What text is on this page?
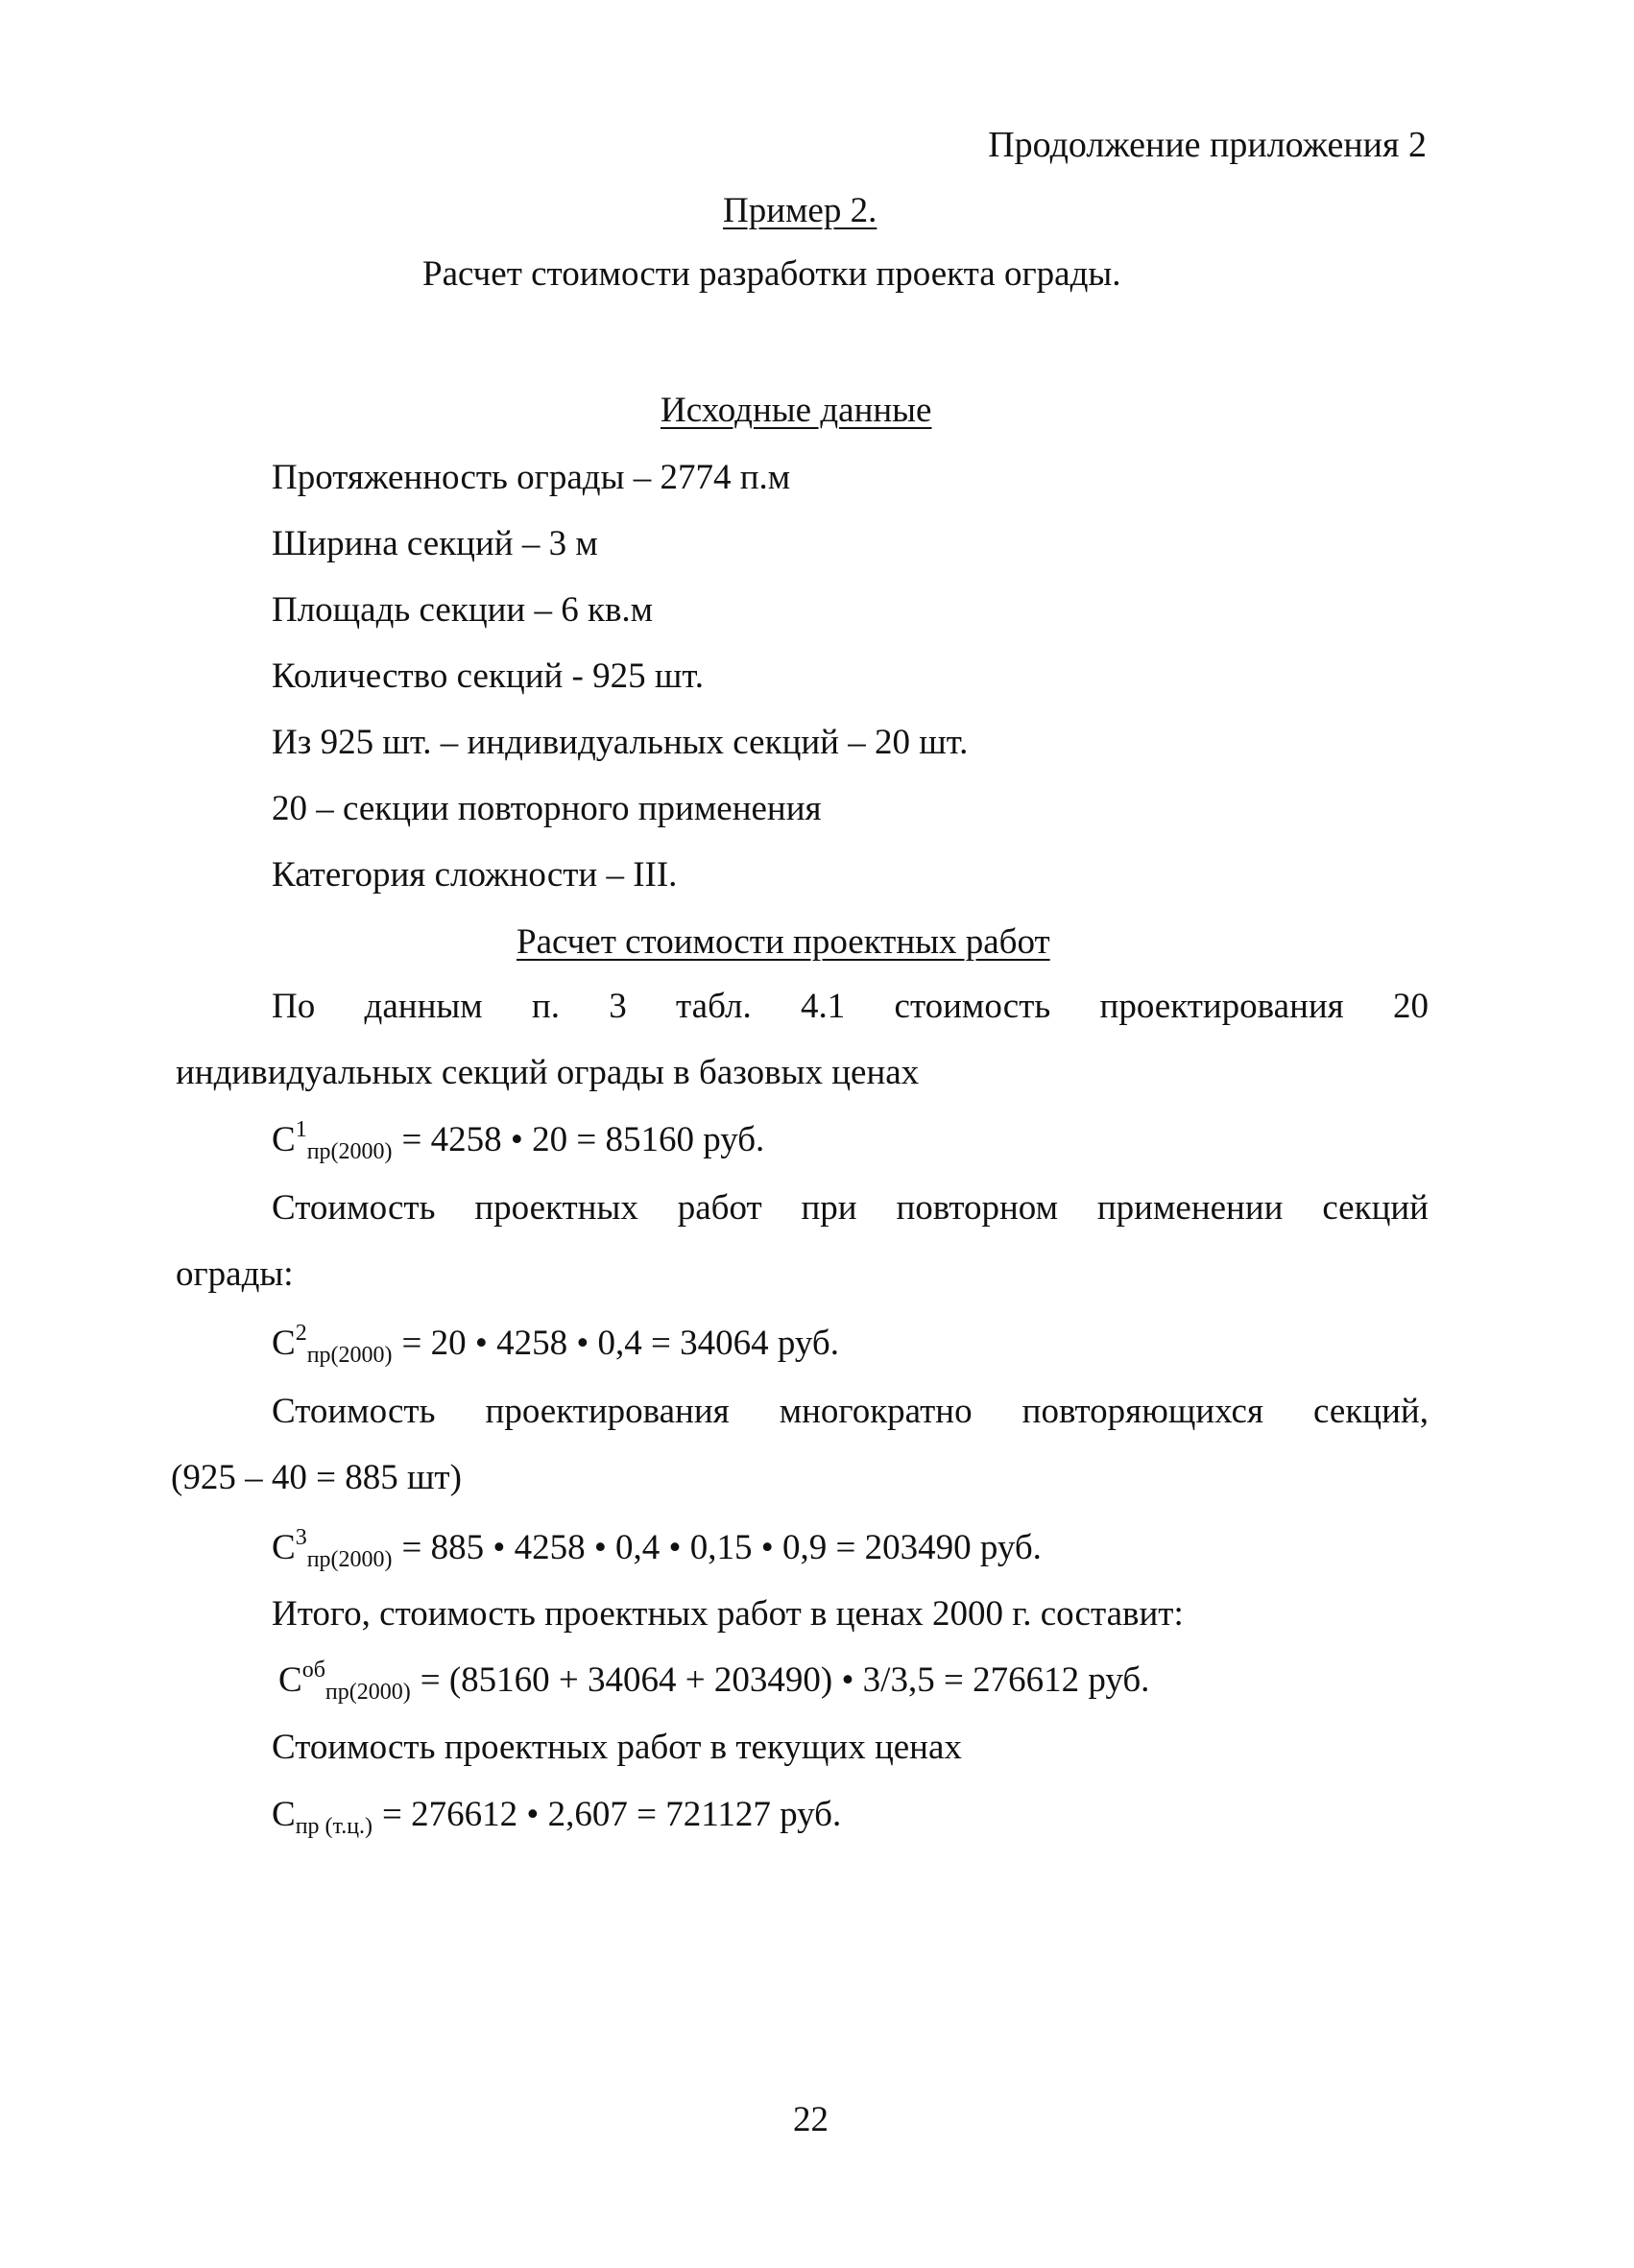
Продолжение приложения 2
Пример 2.
Расчет стоимости разработки проекта ограды.
Исходные данные
Протяженность ограды – 2774 п.м
Ширина секций – 3 м
Площадь секции – 6 кв.м
Количество секций - 925 шт.
Из 925 шт. – индивидуальных секций – 20 шт.
20 – секции повторного применения
Категория сложности – III.
Расчет стоимости проектных работ
По данным п. 3 табл. 4.1 стоимость проектирования 20
индивидуальных секций ограды в базовых ценах
$С^1_{пр(2000)} = 4258$ • 20 = 85160 руб.
Стоимость проектных работ при повторном применении секций
ограды:
$С^2_{пр(2000)} = 20$ • 4258 • 0,4 = 34064 руб.
Стоимость проектирования многократно повторяющихся секций,
(925 – 40 = 885 шт)
$С^3_{пр(2000)} = 885$ • 4258 • 0,4 • 0,15 • 0,9 = 203490 руб.
Итого, стоимость проектных работ в ценах 2000 г. составит:
$С^{об}_{пр(2000)} = (85160 + 34064 + 203490)$ • 3/3,5 = 276612 руб.
Стоимость проектных работ в текущих ценах
$С_{пр (т.ц.)} = 276612$ • 2,607 = 721127 руб.
22
